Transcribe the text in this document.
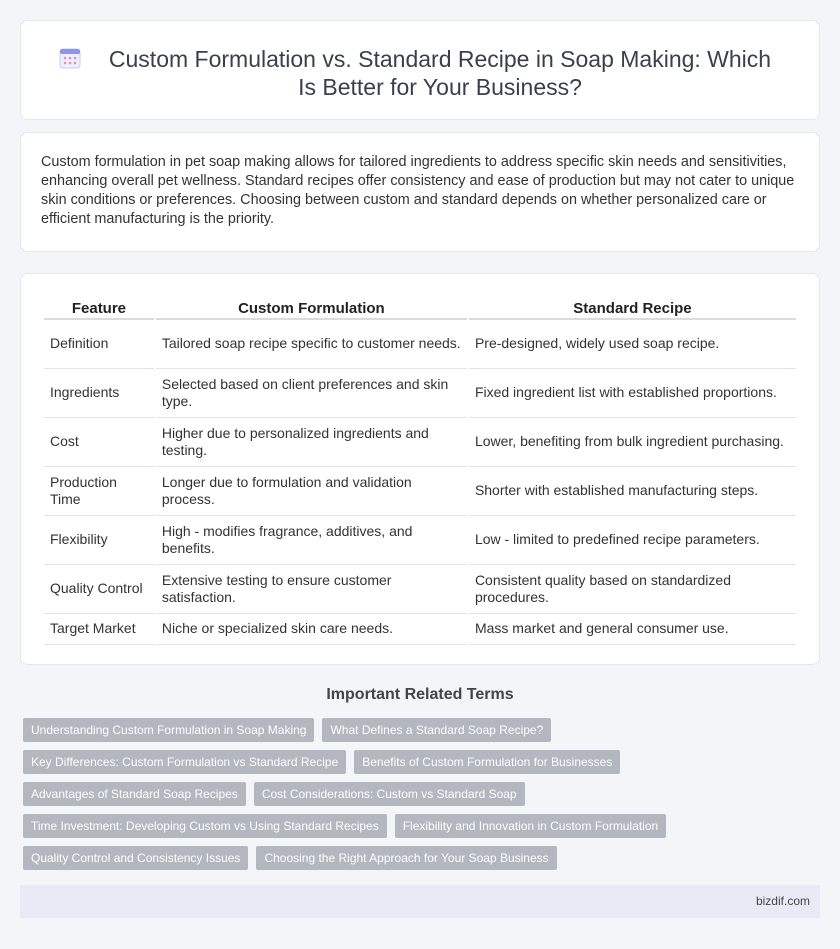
Custom Formulation vs. Standard Recipe in Soap Making: Which Is Better for Your Business?

Custom formulation in pet soap making allows for tailored ingredients to address specific skin needs and sensitivities, enhancing overall pet wellness. Standard recipes offer consistency and ease of production but may not cater to unique skin conditions or preferences. Choosing between custom and standard depends on whether personalized care or efficient manufacturing is the priority.

Feature	Custom Formulation	Standard Recipe
Definition	Tailored soap recipe specific to customer needs.	Pre-designed, widely used soap recipe.
Ingredients	Selected based on client preferences and skin type.	Fixed ingredient list with established proportions.
Cost	Higher due to personalized ingredients and testing.	Lower, benefiting from bulk ingredient purchasing.
Production Time	Longer due to formulation and validation process.	Shorter with established manufacturing steps.
Flexibility	High - modifies fragrance, additives, and benefits.	Low - limited to predefined recipe parameters.
Quality Control	Extensive testing to ensure customer satisfaction.	Consistent quality based on standardized procedures.
Target Market	Niche or specialized skin care needs.	Mass market and general consumer use.
Important Related Terms
Understanding Custom Formulation in Soap Making	What Defines a Standard Soap Recipe?
Key Differences: Custom Formulation vs Standard Recipe	Benefits of Custom Formulation for Businesses
Advantages of Standard Soap Recipes	Cost Considerations: Custom vs Standard Soap
Time Investment: Developing Custom vs Using Standard Recipes	Flexibility and Innovation in Custom Formulation
Quality Control and Consistency Issues	Choosing the Right Approach for Your Soap Business
bizdif.com
